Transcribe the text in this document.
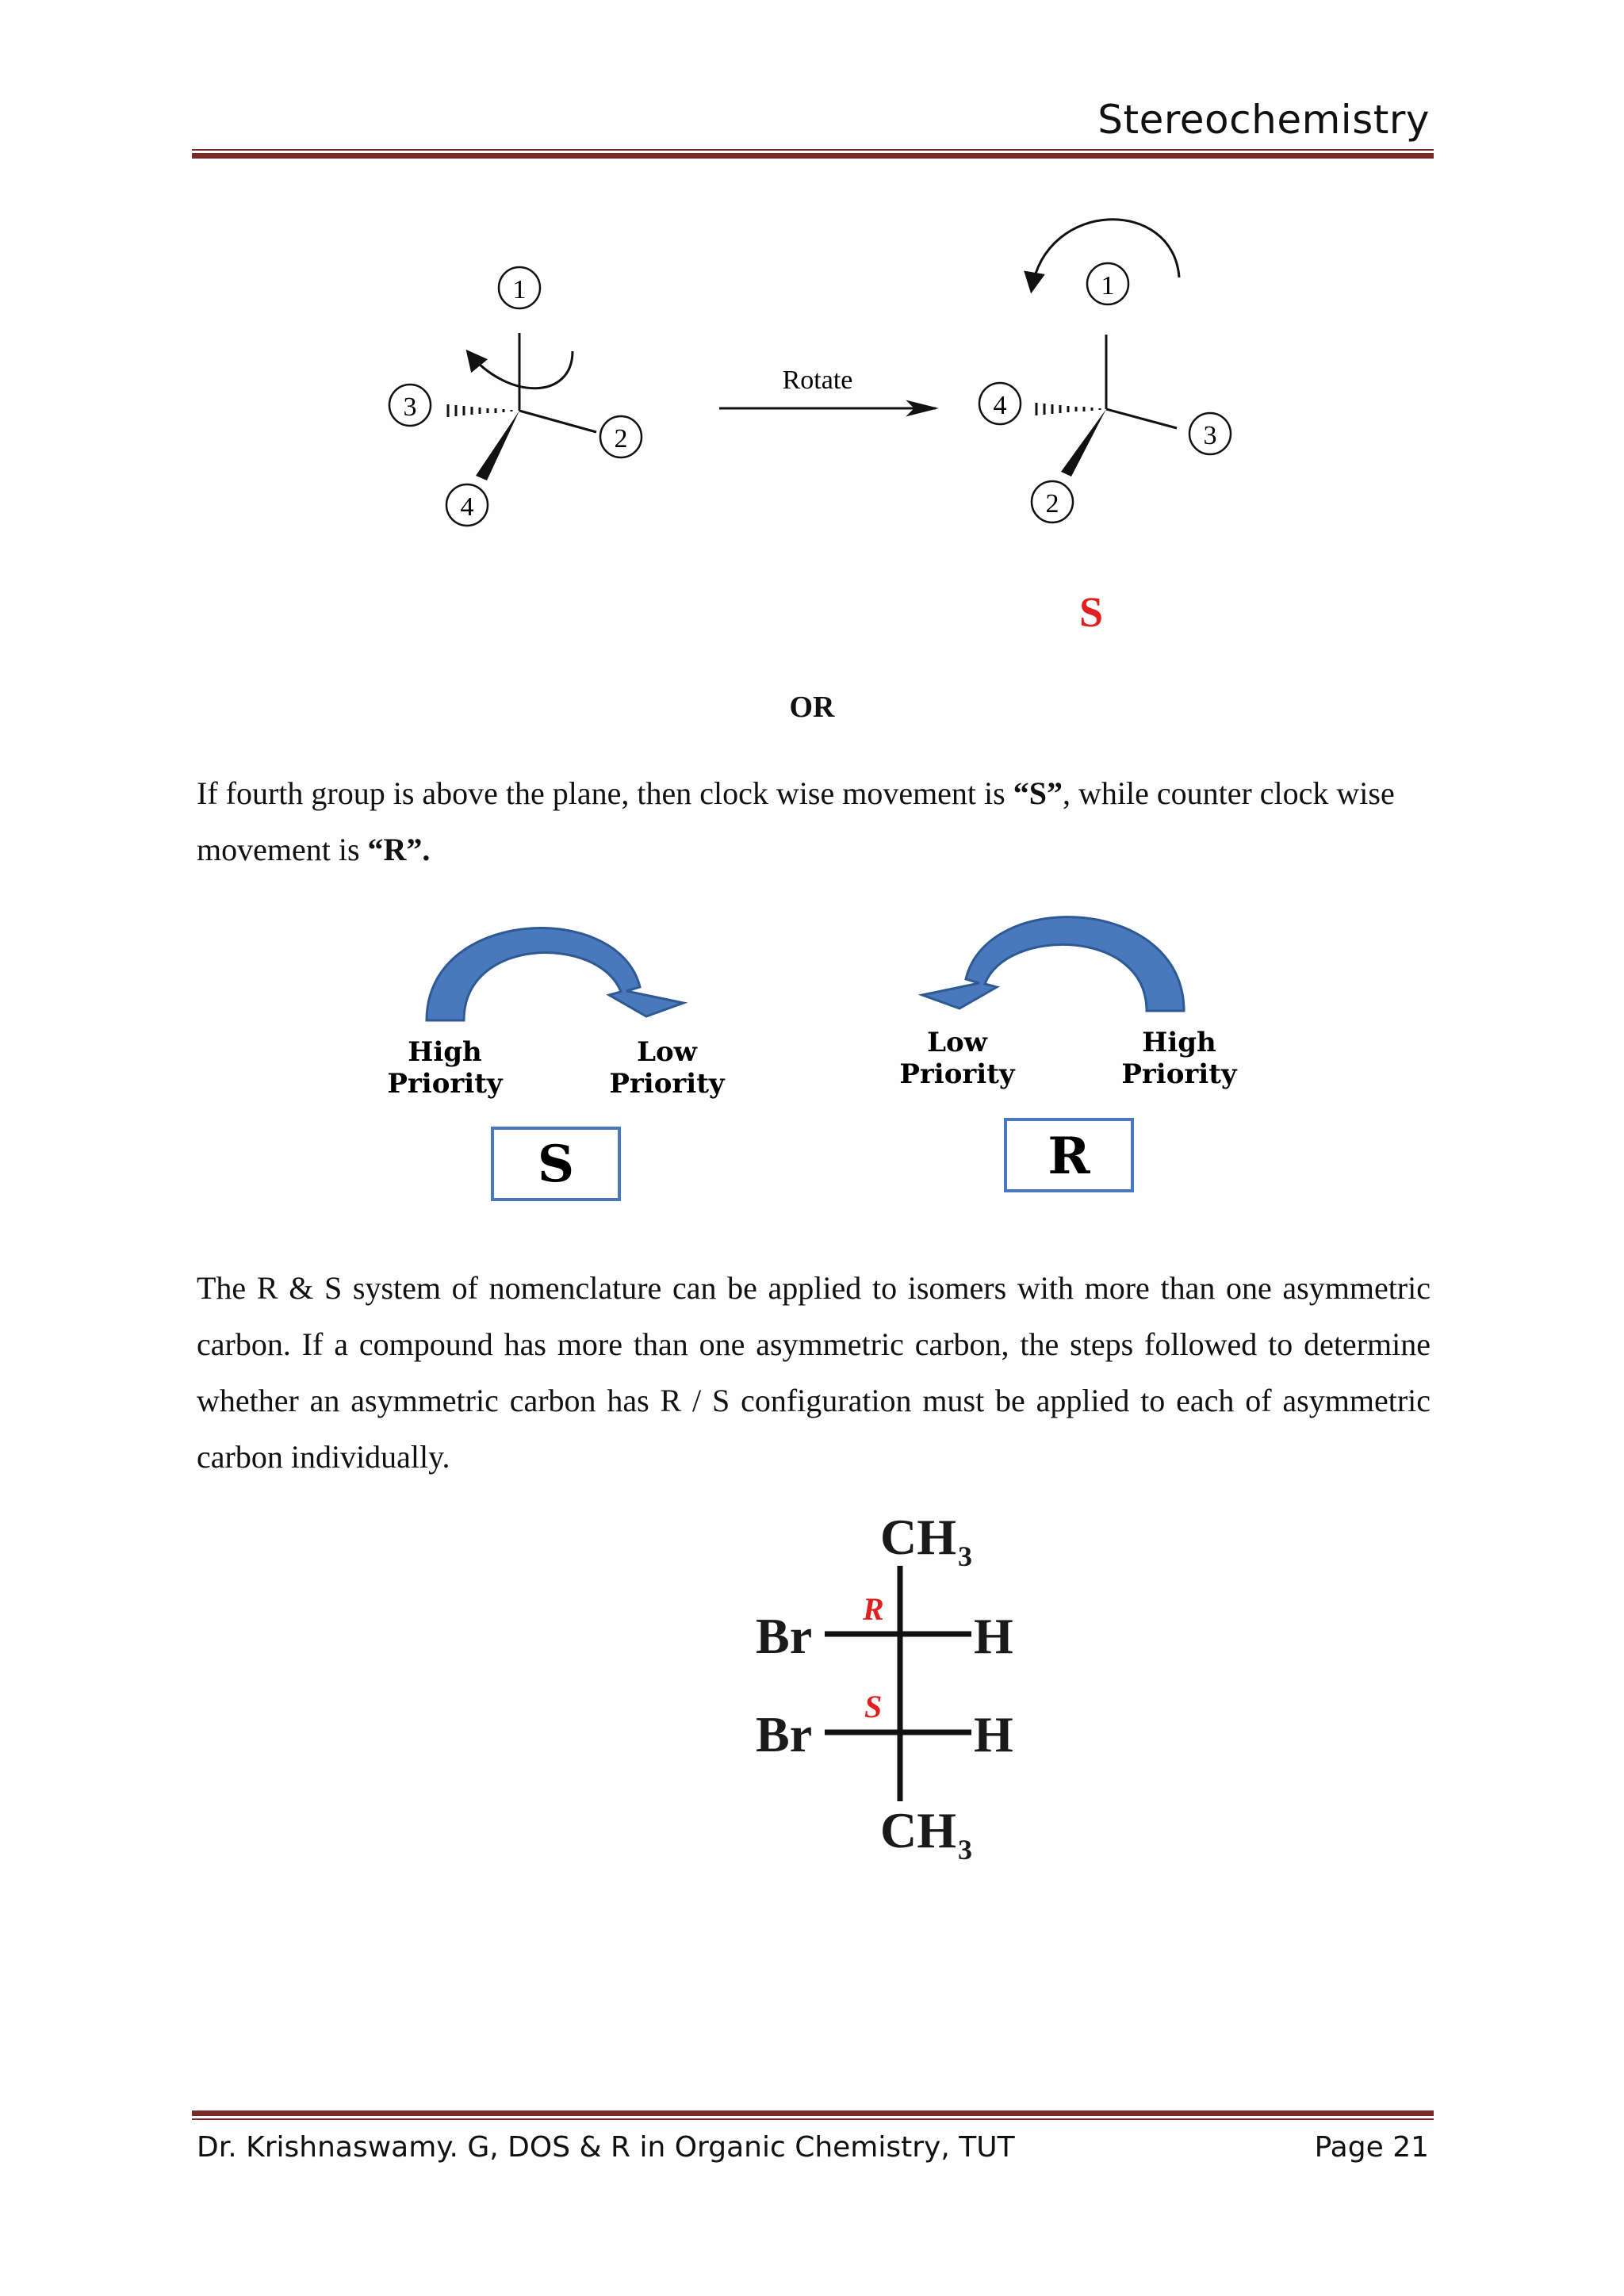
Stereochemistry
1
2
3
4
Rotate
1
2
3
4
S
OR
If fourth group is above the plane, then clock wise movement is “S”, while counter clock wise movement is “R”.
High
Priority
Low
Priority
S
Low
Priority
High
Priority
R
The R & S system of nomenclature can be applied to isomers with more than one asymmetric carbon. If a compound has more than one asymmetric carbon, the steps followed to determine whether an asymmetric carbon has R / S configuration must be applied to each of asymmetric carbon individually.
CH 3
Br	H
R
Br	H
S
CH 3
Dr. Krishnaswamy. G, DOS & R in Organic Chemistry, TUT	Page 21
